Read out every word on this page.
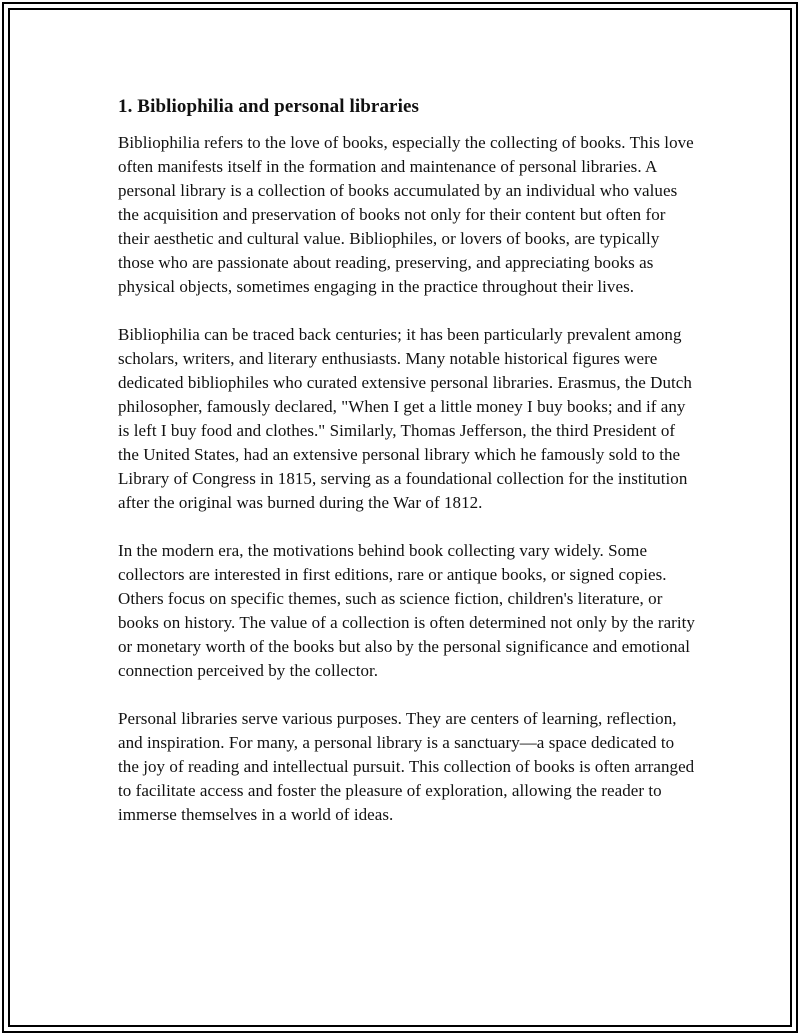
1. Bibliophilia and personal libraries

Bibliophilia refers to the love of books, especially the collecting of books. This love often manifests itself in the formation and maintenance of personal libraries. A personal library is a collection of books accumulated by an individual who values the acquisition and preservation of books not only for their content but often for their aesthetic and cultural value. Bibliophiles, or lovers of books, are typically those who are passionate about reading, preserving, and appreciating books as physical objects, sometimes engaging in the practice throughout their lives.

Bibliophilia can be traced back centuries; it has been particularly prevalent among scholars, writers, and literary enthusiasts. Many notable historical figures were dedicated bibliophiles who curated extensive personal libraries. Erasmus, the Dutch philosopher, famously declared, "When I get a little money I buy books; and if any is left I buy food and clothes." Similarly, Thomas Jefferson, the third President of the United States, had an extensive personal library which he famously sold to the Library of Congress in 1815, serving as a foundational collection for the institution after the original was burned during the War of 1812.

In the modern era, the motivations behind book collecting vary widely. Some collectors are interested in first editions, rare or antique books, or signed copies. Others focus on specific themes, such as science fiction, children's literature, or books on history. The value of a collection is often determined not only by the rarity or monetary worth of the books but also by the personal significance and emotional connection perceived by the collector.

Personal libraries serve various purposes. They are centers of learning, reflection, and inspiration. For many, a personal library is a sanctuary—a space dedicated to the joy of reading and intellectual pursuit. This collection of books is often arranged to facilitate access and foster the pleasure of exploration, allowing the reader to immerse themselves in a world of ideas.
